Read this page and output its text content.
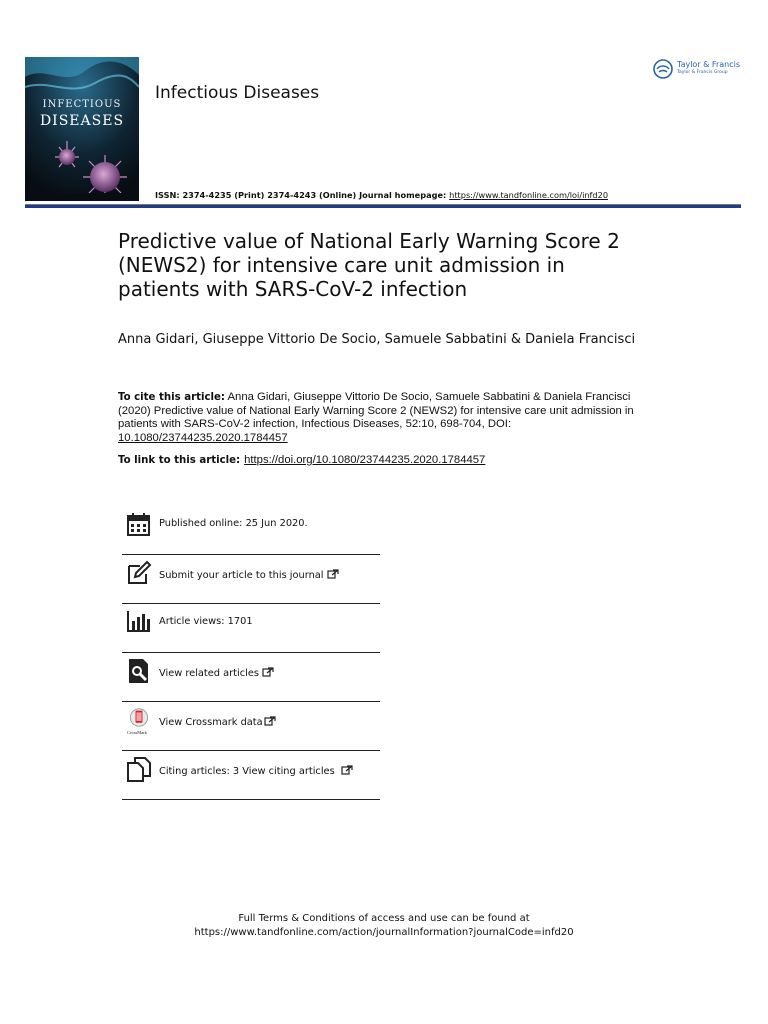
INFECTIOUS
DISEASES
Infectious Diseases
ISSN: 2374-4235 (Print) 2374-4243 (Online) Journal homepage: https://www.tandfonline.com/loi/infd20
Taylor & Francis
Taylor & Francis Group
Predictive value of National Early Warning Score 2 (NEWS2) for intensive care unit admission in patients with SARS-CoV-2 infection
Anna Gidari, Giuseppe Vittorio De Socio, Samuele Sabbatini & Daniela Francisci
To cite this article: Anna Gidari, Giuseppe Vittorio De Socio, Samuele Sabbatini & Daniela Francisci (2020) Predictive value of National Early Warning Score 2 (NEWS2) for intensive care unit admission in patients with SARS-CoV-2 infection, Infectious Diseases, 52:10, 698-704, DOI: 10.1080/23744235.2020.1784457
To link to this article: https://doi.org/10.1080/23744235.2020.1784457
Published online: 25 Jun 2020.
Submit your article to this journal
Article views: 1701
View related articles
CrossMark
View Crossmark data
Citing articles: 3 View citing articles
Full Terms & Conditions of access and use can be found at
https://www.tandfonline.com/action/journalInformation?journalCode=infd20
